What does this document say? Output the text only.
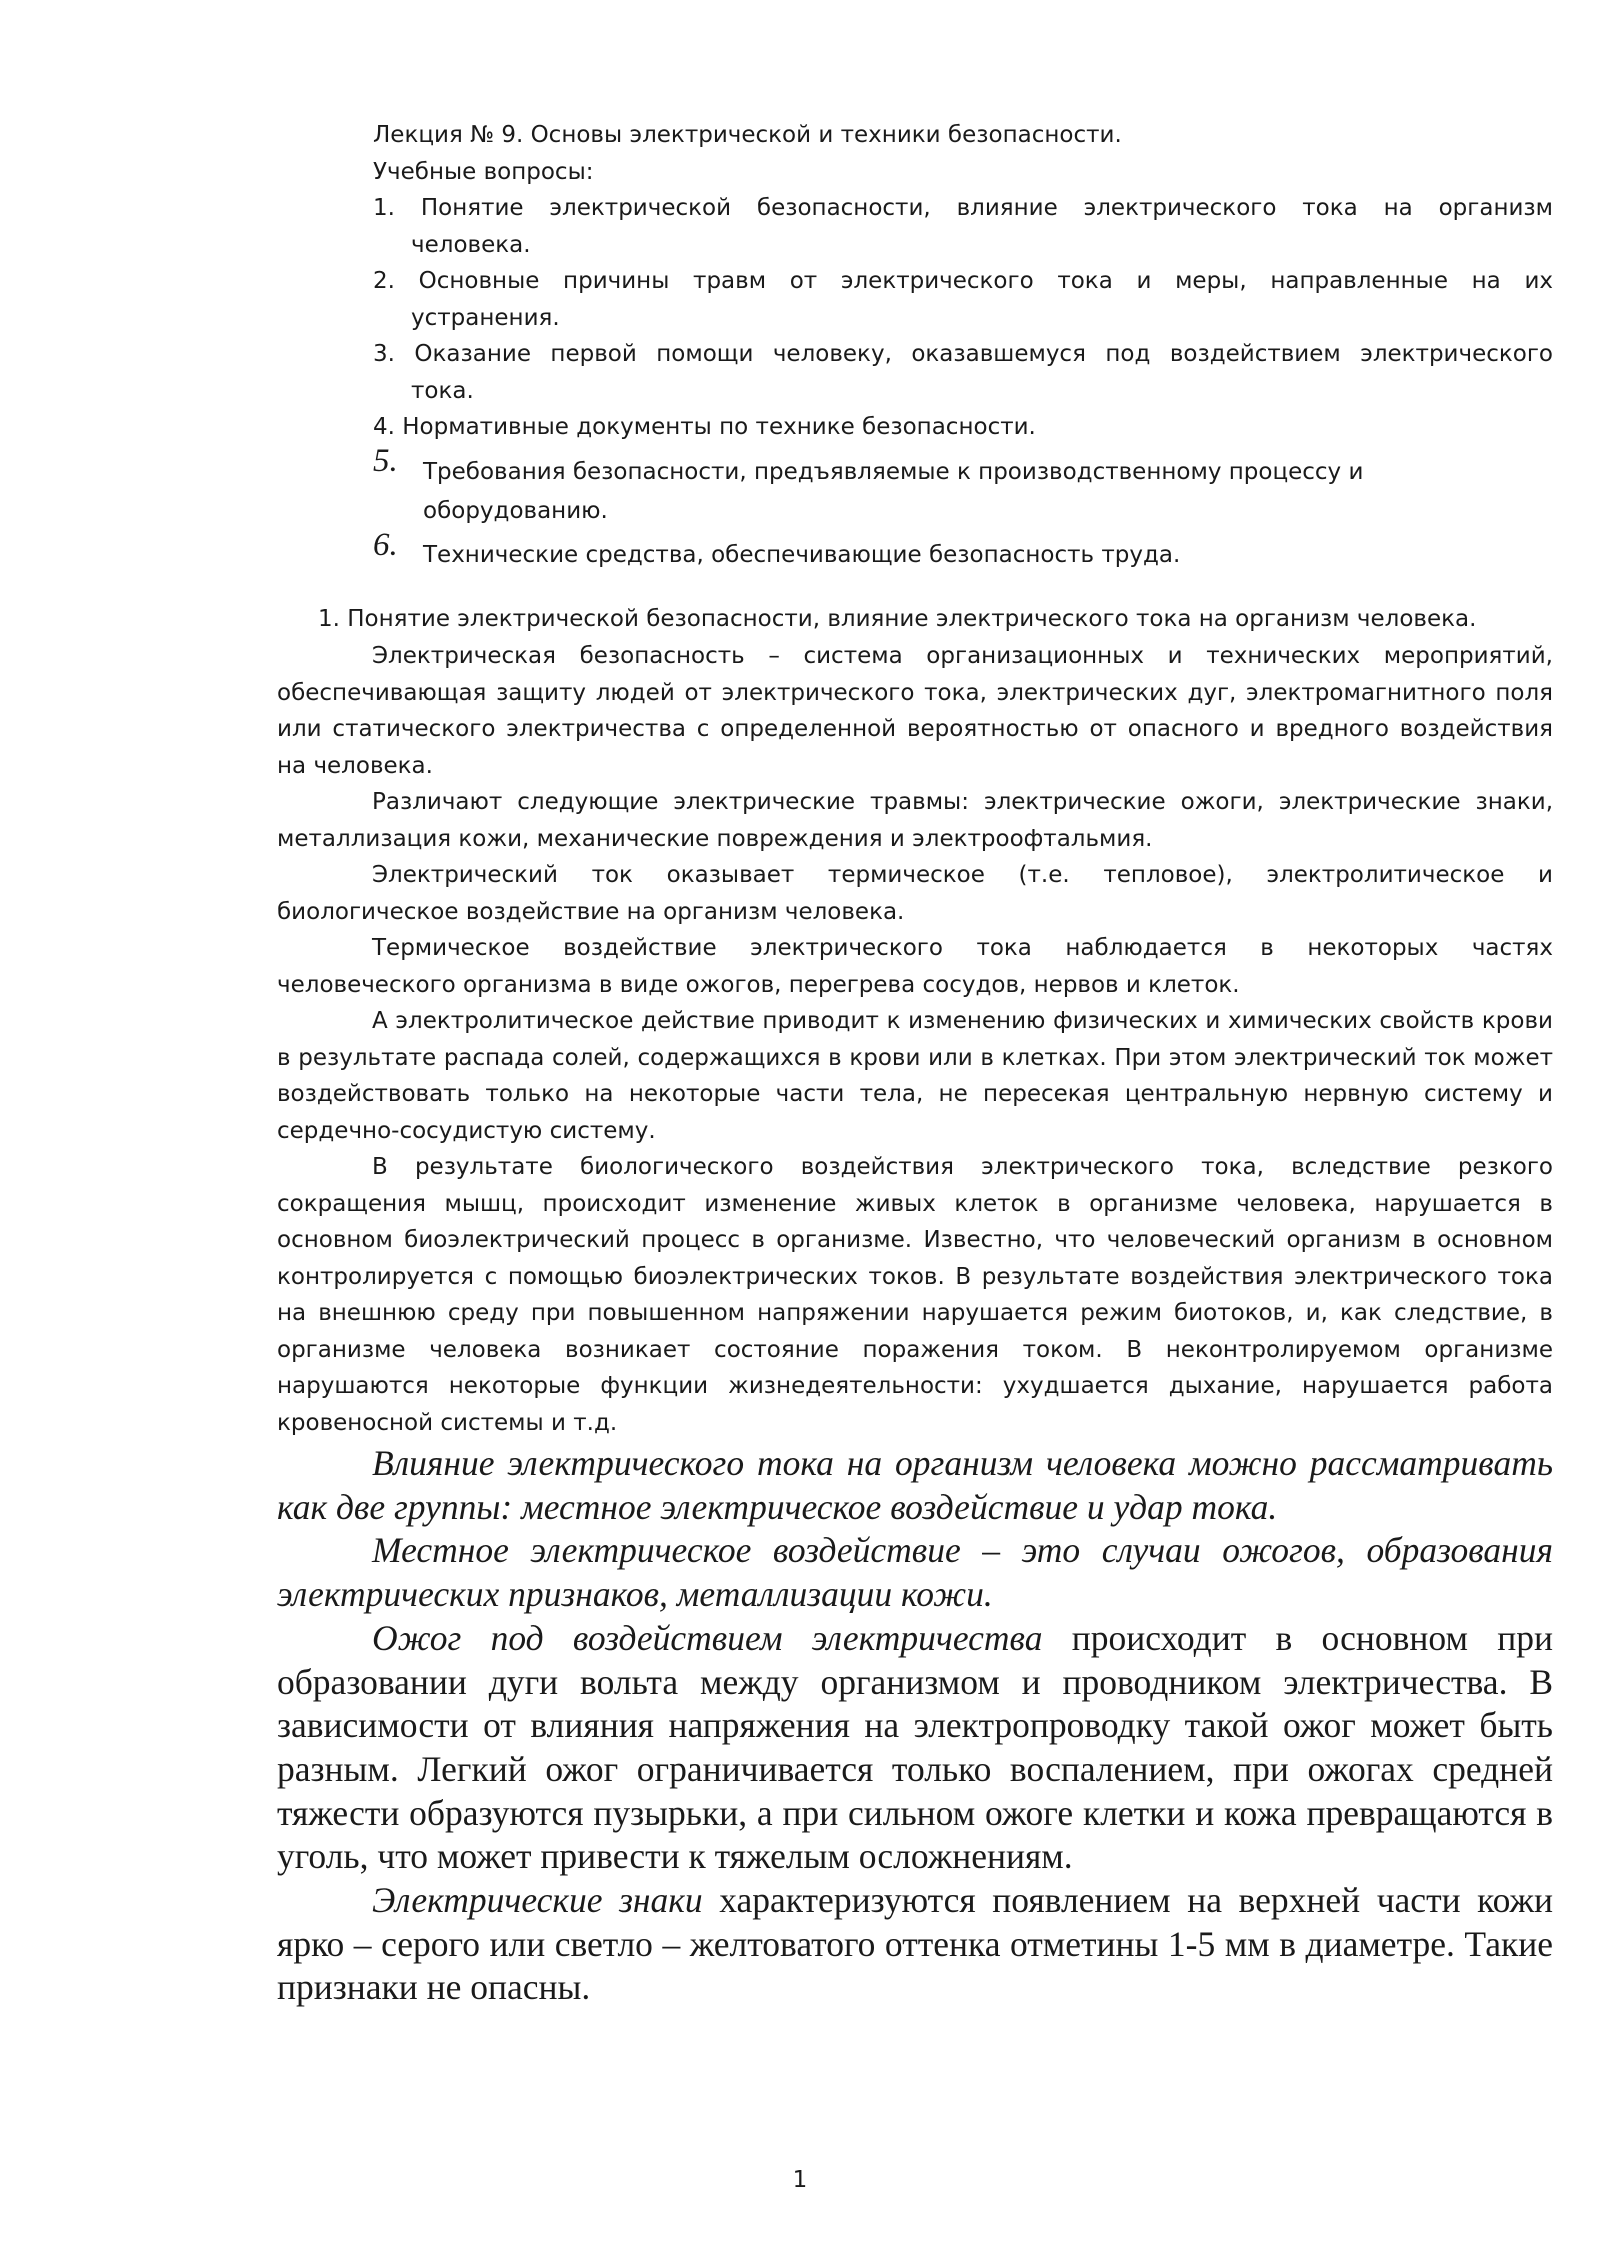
Лекция № 9. Основы электрической и техники безопасности.

Учебные вопросы:

1. Понятие электрической безопасности, влияние электрического тока на организм
человека.
2. Основные причины травм от электрического тока и меры, направленные на их
устранения.
3. Оказание первой помощи человеку, оказавшемуся под воздействием электрического
тока.
4. Нормативные документы по технике безопасности.
5. Требования безопасности, предъявляемые к производственному процессу и

оборудованию.

6. Технические средства, обеспечивающие безопасность труда.

1. Понятие электрической безопасности, влияние электрического тока на организм человека.

Электрическая безопасность – система организационных и технических мероприятий, обеспечивающая защиту людей от электрического тока, электрических дуг, электромагнитного поля или статического электричества с определенной вероятностью от опасного и вредного воздействия на человека.

Различают следующие электрические травмы: электрические ожоги, электрические знаки, металлизация кожи, механические повреждения и электроофтальмия.

Электрический ток оказывает термическое (т.е. тепловое), электролитическое и биологическое воздействие на организм человека.

Термическое воздействие электрического тока наблюдается в некоторых частях человеческого организма в виде ожогов, перегрева сосудов, нервов и клеток.

А электролитическое действие приводит к изменению физических и химических свойств крови в результате распада солей, содержащихся в крови или в клетках. При этом электрический ток может воздействовать только на некоторые части тела, не пересекая центральную нервную систему и сердечно-сосудистую систему.

В результате биологического воздействия электрического тока, вследствие резкого сокращения мышц, происходит изменение живых клеток в организме человека, нарушается в основном биоэлектрический процесс в организме. Известно, что человеческий организм в основном контролируется с помощью биоэлектрических токов. В результате воздействия электрического тока на внешнюю среду при повышенном напряжении нарушается режим биотоков, и, как следствие, в организме человека возникает состояние поражения током. В неконтролируемом организме нарушаются некоторые функции жизнедеятельности: ухудшается дыхание, нарушается работа кровеносной системы и т.д.

Влияние электрического тока на организм человека можно рассматривать как две группы: местное электрическое воздействие и удар тока.

Местное электрическое воздействие – это случаи ожогов, образования электрических признаков, металлизации кожи.

Ожог под воздействием электричества происходит в основном при образовании дуги вольта между организмом и проводником электричества. В зависимости от влияния напряжения на электропроводку такой ожог может быть разным. Легкий ожог ограничивается только воспалением, при ожогах средней тяжести образуются пузырьки, а при сильном ожоге клетки и кожа превращаются в уголь, что может привести к тяжелым осложнениям.

Электрические знаки характеризуются появлением на верхней части кожи ярко – серого или светло – желтоватого оттенка отметины 1-5 мм в диаметре. Такие признаки не опасны.

1
